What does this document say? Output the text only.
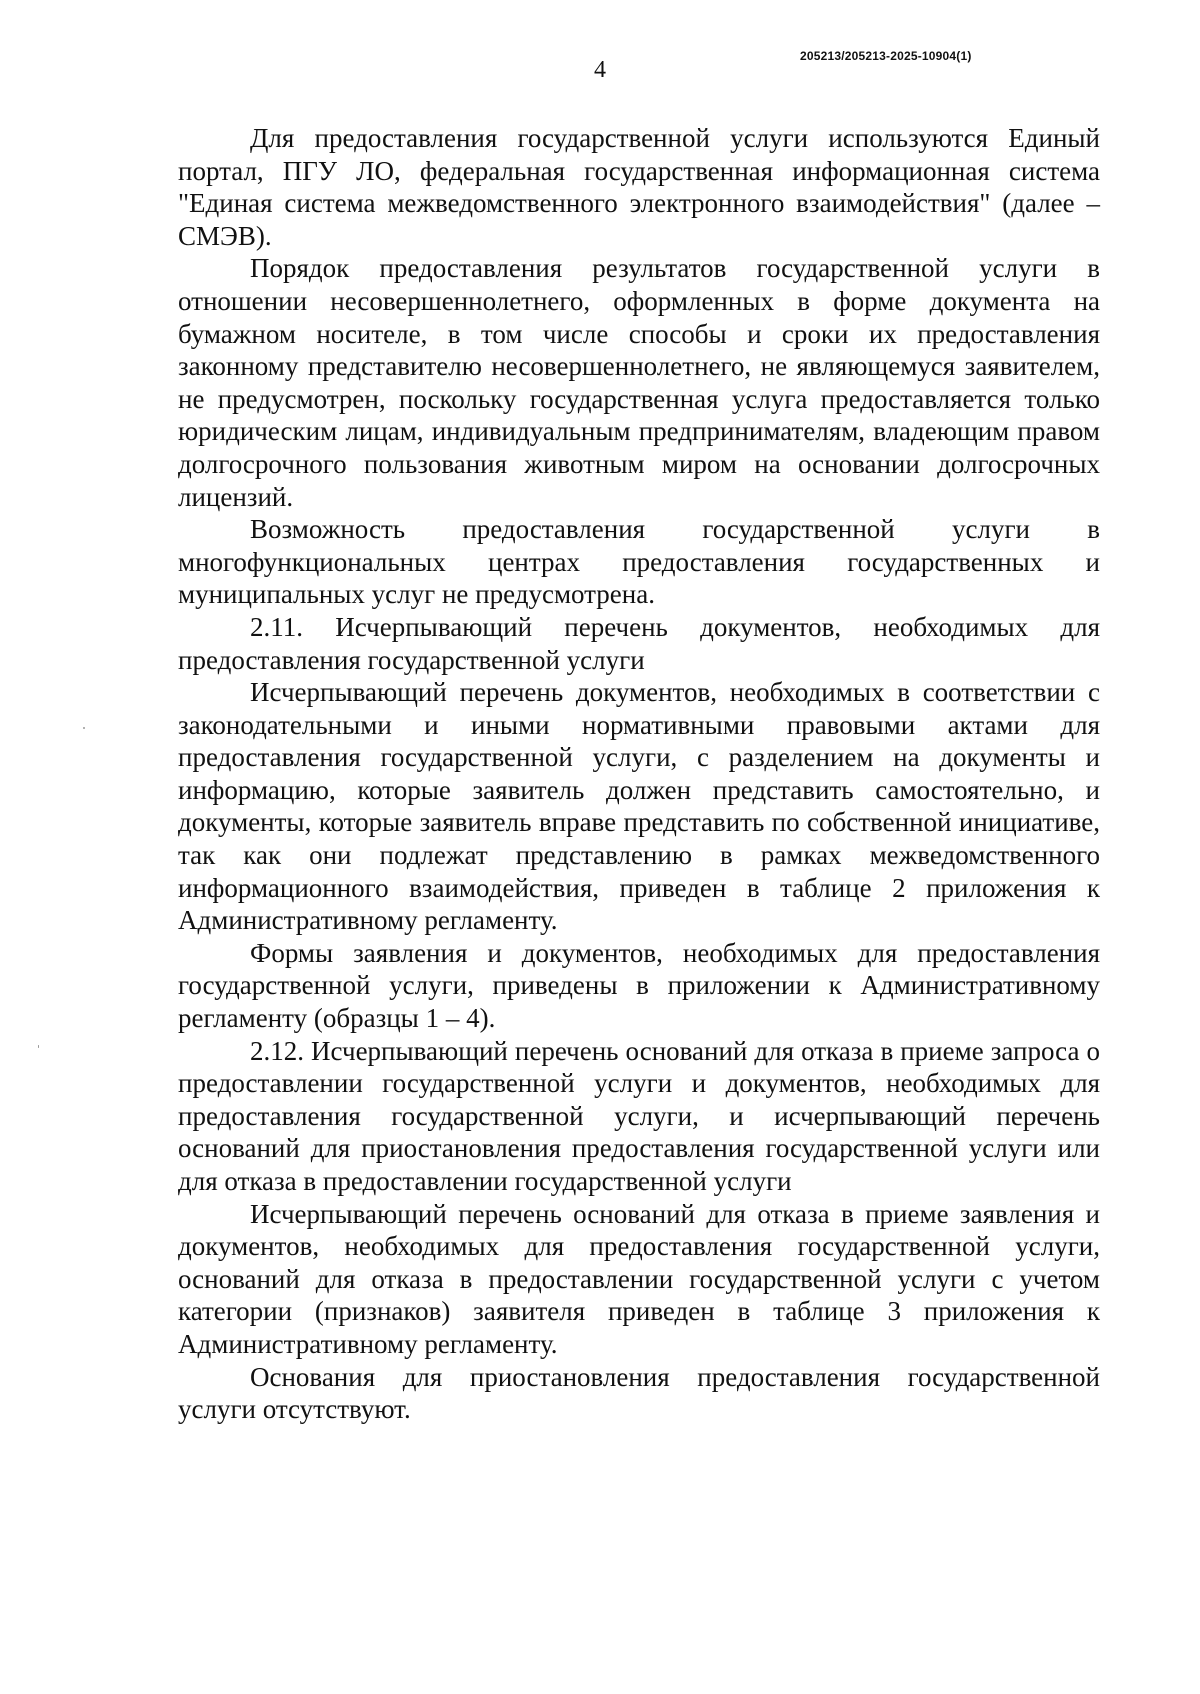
4
205213/205213-2025-10904(1)

Для предоставления государственной услуги используются Единый портал, ПГУ ЛО, федеральная государственная информационная система "Единая система межведомственного электронного взаимодействия" (далее – СМЭВ).

Порядок предоставления результатов государственной услуги в отношении несовершеннолетнего, оформленных в форме документа на бумажном носителе, в том числе способы и сроки их предоставления законному представителю несовершеннолетнего, не являющемуся заявителем, не предусмотрен, поскольку государственная услуга предоставляется только юридическим лицам, индивидуальным предпринимателям, владеющим правом долгосрочного пользования животным миром на основании долгосрочных лицензий.

Возможность предоставления государственной услуги в многофункциональных центрах предоставления государственных и муниципальных услуг не предусмотрена.

2.11. Исчерпывающий перечень документов, необходимых для предоставления государственной услуги

Исчерпывающий перечень документов, необходимых в соответствии с законодательными и иными нормативными правовыми актами для предоставления государственной услуги, с разделением на документы и информацию, которые заявитель должен представить самостоятельно, и документы, которые заявитель вправе представить по собственной инициативе, так как они подлежат представлению в рамках межведомственного информационного взаимодействия, приведен в таблице 2 приложения к Административному регламенту.

Формы заявления и документов, необходимых для предоставления государственной услуги, приведены в приложении к Административному регламенту (образцы 1 – 4).

2.12. Исчерпывающий перечень оснований для отказа в приеме запроса о предоставлении государственной услуги и документов, необходимых для предоставления государственной услуги, и исчерпывающий перечень оснований для приостановления предоставления государственной услуги или для отказа в предоставлении государственной услуги

Исчерпывающий перечень оснований для отказа в приеме заявления и документов, необходимых для предоставления государственной услуги, оснований для отказа в предоставлении государственной услуги с учетом категории (признаков) заявителя приведен в таблице 3 приложения к Административному регламенту.

Основания для приостановления предоставления государственной услуги отсутствуют.
